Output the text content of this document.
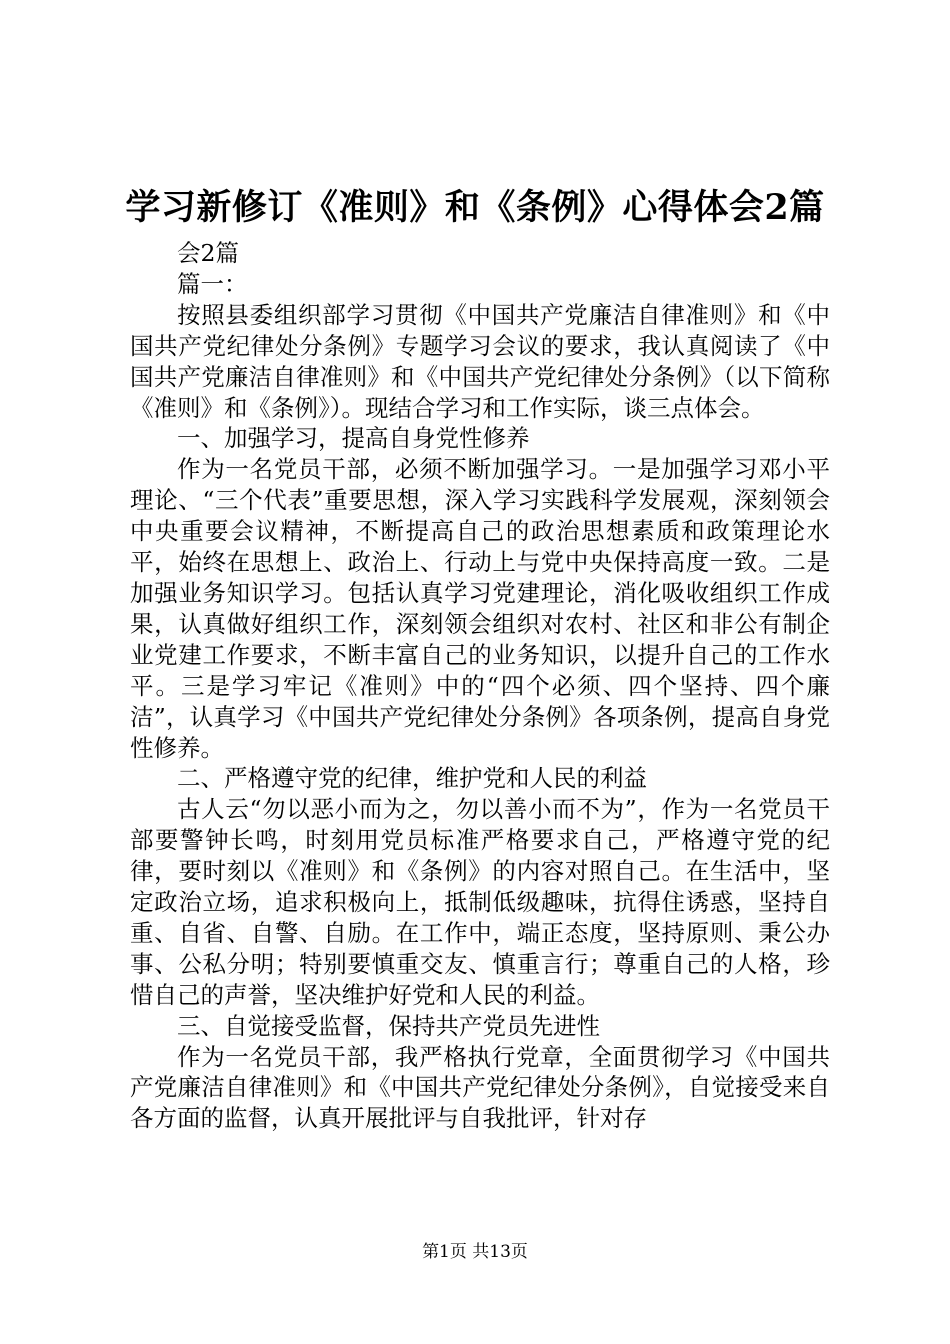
学习新修订《准则》和《条例》心得体会2篇

会2篇

篇一：

按照县委组织部学习贯彻《中国共产党廉洁自律准则》和《中国共产党纪律处分条例》专题学习会议的要求，我认真阅读了《中国共产党廉洁自律准则》和《中国共产党纪律处分条例》（以下简称《准则》和《条例》）。现结合学习和工作实际，谈三点体会。

一、加强学习，提高自身党性修养

作为一名党员干部，必须不断加强学习。一是加强学习邓小平理论、“三个代表”重要思想，深入学习实践科学发展观，深刻领会中央重要会议精神，不断提高自己的政治思想素质和政策理论水平，始终在思想上、政治上、行动上与党中央保持高度一致。二是加强业务知识学习。包括认真学习党建理论，消化吸收组织工作成果，认真做好组织工作，深刻领会组织对农村、社区和非公有制企业党建工作要求，不断丰富自己的业务知识，以提升自己的工作水平。三是学习牢记《准则》中的“四个必须、四个坚持、四个廉洁”，认真学习《中国共产党纪律处分条例》各项条例，提高自身党性修养。

二、严格遵守党的纪律，维护党和人民的利益

古人云“勿以恶小而为之，勿以善小而不为”，作为一名党员干部要警钟长鸣，时刻用党员标准严格要求自己，严格遵守党的纪律，要时刻以《准则》和《条例》的内容对照自己。在生活中，坚定政治立场，追求积极向上，抵制低级趣味，抗得住诱惑，坚持自重、自省、自警、自励。在工作中，端正态度，坚持原则、秉公办事、公私分明；特别要慎重交友、慎重言行；尊重自己的人格，珍惜自己的声誉，坚决维护好党和人民的利益。

三、自觉接受监督，保持共产党员先进性

作为一名党员干部，我严格执行党章，全面贯彻学习《中国共产党廉洁自律准则》和《中国共产党纪律处分条例》，自觉接受来自各方面的监督，认真开展批评与自我批评，针对存

第1页 共13页
